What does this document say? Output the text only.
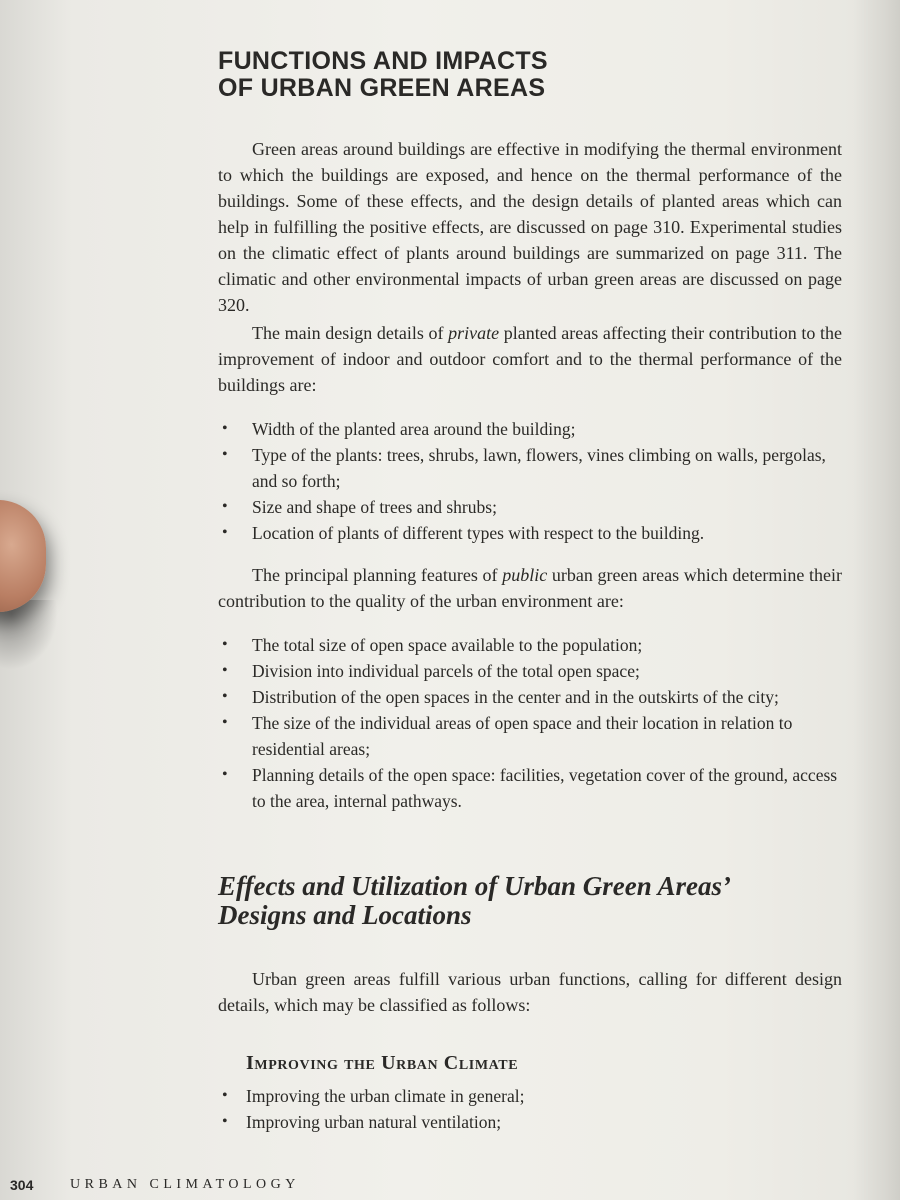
FUNCTIONS AND IMPACTS
OF URBAN GREEN AREAS

Green areas around buildings are effective in modifying the thermal environment to which the buildings are exposed, and hence on the thermal performance of the buildings. Some of these effects, and the design details of planted areas which can help in fulfilling the positive effects, are discussed on page 310. Experimental studies on the climatic effect of plants around buildings are summarized on page 311. The climatic and other environmental impacts of urban green areas are discussed on page 320.

The main design details of private planted areas affecting their contribution to the improvement of indoor and outdoor comfort and to the thermal performance of the buildings are:

• Width of the planted area around the building;
• Type of the plants: trees, shrubs, lawn, flowers, vines climbing on walls, pergolas, and so forth;
• Size and shape of trees and shrubs;
• Location of plants of different types with respect to the building.

The principal planning features of public urban green areas which determine their contribution to the quality of the urban environment are:

• The total size of open space available to the population;
• Division into individual parcels of the total open space;
• Distribution of the open spaces in the center and in the outskirts of the city;
• The size of the individual areas of open space and their location in relation to residential areas;
• Planning details of the open space: facilities, vegetation cover of the ground, access to the area, internal pathways.
Effects and Utilization of Urban Green Areas’
Designs and Locations

Urban green areas fulfill various urban functions, calling for different design details, which may be classified as follows:

Improving the Urban Climate
• Improving the urban climate in general;
• Improving urban natural ventilation;
304	URBAN CLIMATOLOGY
